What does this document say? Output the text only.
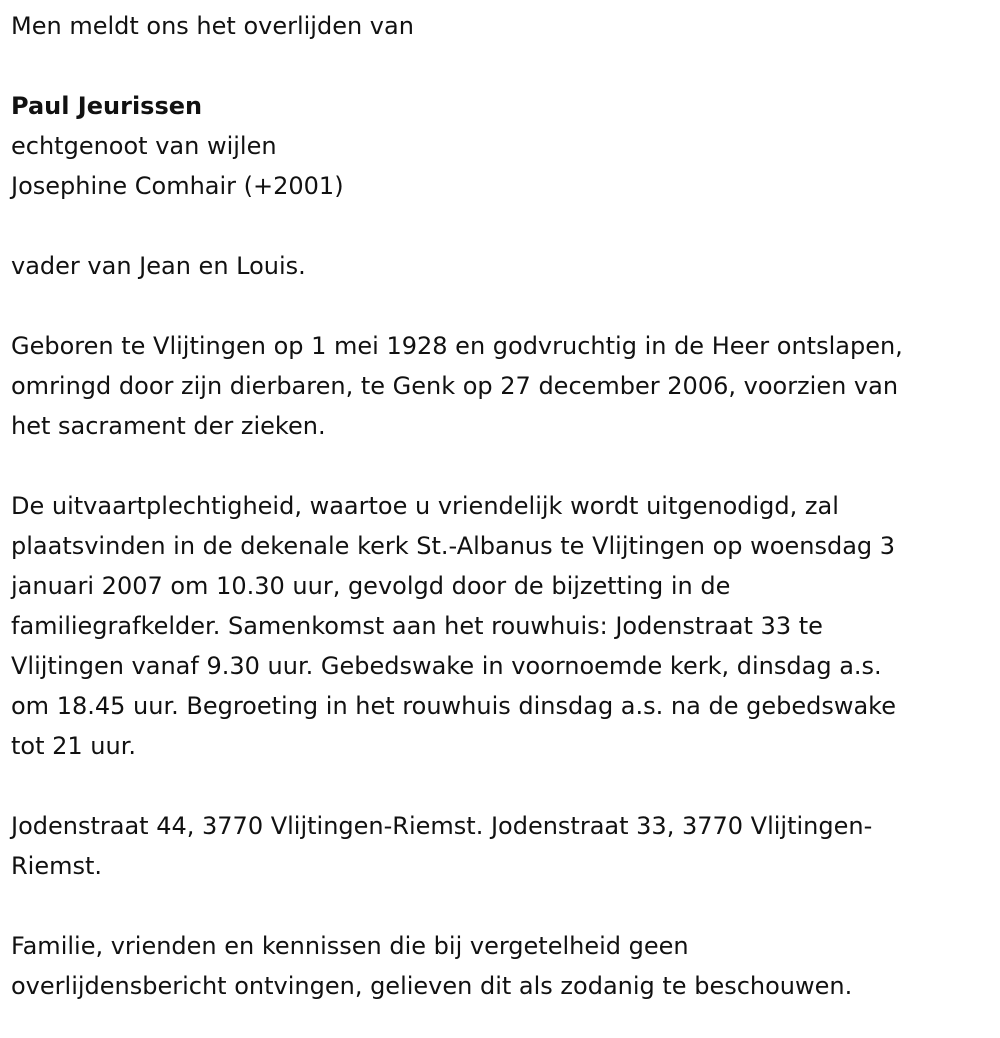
Men meldt ons het overlijden van
Paul Jeurissen
echtgenoot van wijlen
Josephine Comhair (+2001)
vader van Jean en Louis.
Geboren te Vlijtingen op 1 mei 1928 en godvruchtig in de Heer ontslapen,
omringd door zijn dierbaren, te Genk op 27 december 2006, voorzien van
het sacrament der zieken.
De uitvaartplechtigheid, waartoe u vriendelijk wordt uitgenodigd, zal
plaatsvinden in de dekenale kerk St.-Albanus te Vlijtingen op woensdag 3
januari 2007 om 10.30 uur, gevolgd door de bijzetting in de
familiegrafkelder. Samenkomst aan het rouwhuis: Jodenstraat 33 te
Vlijtingen vanaf 9.30 uur. Gebedswake in voornoemde kerk, dinsdag a.s.
om 18.45 uur. Begroeting in het rouwhuis dinsdag a.s. na de gebedswake
tot 21 uur.
Jodenstraat 44, 3770 Vlijtingen-Riemst. Jodenstraat 33, 3770 Vlijtingen-
Riemst.
Familie, vrienden en kennissen die bij vergetelheid geen
overlijdensbericht ontvingen, gelieven dit als zodanig te beschouwen.
